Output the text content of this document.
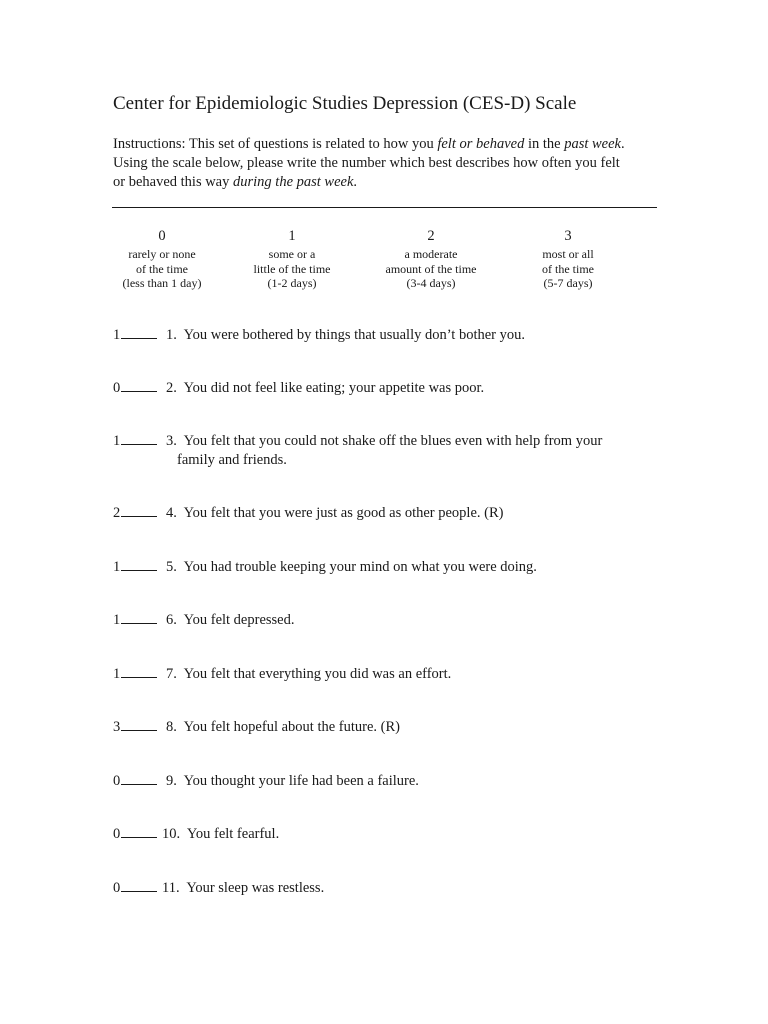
Center for Epidemiologic Studies Depression (CES-D) Scale

Instructions: This set of questions is related to how you felt or behaved in the past week.

Using the scale below, please write the number which best describes how often you felt

or behaved this way during the past week.

0
rarely or none
of the time
(less than 1 day)
1
some or a
little of the time
(1-2 days)
2
a moderate
amount of the time
(3-4 days)
3
most or all
of the time
(5-7 days)
1	1. You were bothered by things that usually don’t bother you.
0	2. You did not feel like eating; your appetite was poor.
1	3. You felt that you could not shake off the blues even with help from your
family and friends.
2	4. You felt that you were just as good as other people. (R)
1	5. You had trouble keeping your mind on what you were doing.
1	6. You felt depressed.
1	7. You felt that everything you did was an effort.
3	8. You felt hopeful about the future. (R)
0	9. You thought your life had been a failure.
0	10. You felt fearful.
0	11. Your sleep was restless.
